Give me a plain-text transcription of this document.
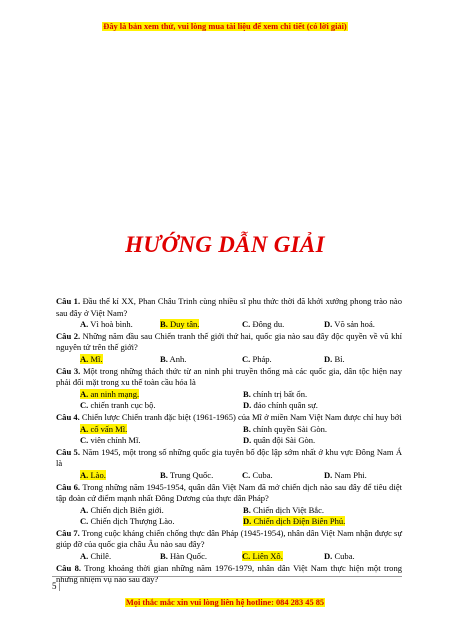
Đây là bản xem thử, vui lòng mua tài liệu để xem chi tiết (có lời giải)
HƯỚNG DẪN GIẢI

Câu 1. Đầu thế kỉ XX, Phan Châu Trinh cùng nhiều sĩ phu thức thời đã khởi xướng phong trào nào sau đây ở Việt Nam?

A. Vì hoà bình.	B. Duy tân.	C. Đông du.	D. Võ sản hoá.

Câu 2. Những năm đầu sau Chiến tranh thế giới thứ hai, quốc gia nào sau đây độc quyền về vũ khí nguyên tử trên thế giới?

A. Mĩ.	B. Anh.	C. Pháp.	D. Bỉ.

Câu 3. Một trong những thách thức từ an ninh phi truyền thống mà các quốc gia, dân tộc hiện nay phải đối mặt trong xu thế toàn cầu hóa là

A. an ninh mạng.	B. chính trị bất ổn.
C. chiến tranh cục bộ.	D. đảo chính quân sự.

Câu 4. Chiến lược Chiến tranh đặc biệt (1961-1965) của Mĩ ở miền Nam Việt Nam được chỉ huy bởi

A. cố vấn Mĩ.	B. chính quyền Sài Gòn.
C. viên chính Mĩ.	D. quân đội Sài Gòn.

Câu 5. Năm 1945, một trong số những quốc gia tuyên bố độc lập sớm nhất ở khu vực Đông Nam Á là

A. Lào.	B. Trung Quốc.	C. Cuba.	D. Nam Phi.

Câu 6. Trong những năm 1945-1954, quân dân Việt Nam đã mở chiến dịch nào sau đây để tiêu diệt tập đoàn cứ điểm mạnh nhất Đông Dương của thực dân Pháp?

A. Chiến dịch Biên giới.	B. Chiến dịch Việt Bắc.
C. Chiến dịch Thượng Lào.	D. Chiến dịch Điện Biên Phủ.

Câu 7. Trong cuộc kháng chiến chống thực dân Pháp (1945-1954), nhân dân Việt Nam nhận được sự giúp đỡ của quốc gia châu Âu nào sau đây?

A. Chilê.	B. Hàn Quốc.	C. Liên Xô.	D. Cuba.

Câu 8. Trong khoảng thời gian những năm 1976-1979, nhân dân Việt Nam thực hiện một trong những nhiệm vụ nào sau đây?

5 |
Mọi thắc mắc xin vui lòng liên hệ hotline: 084 283 45 85
